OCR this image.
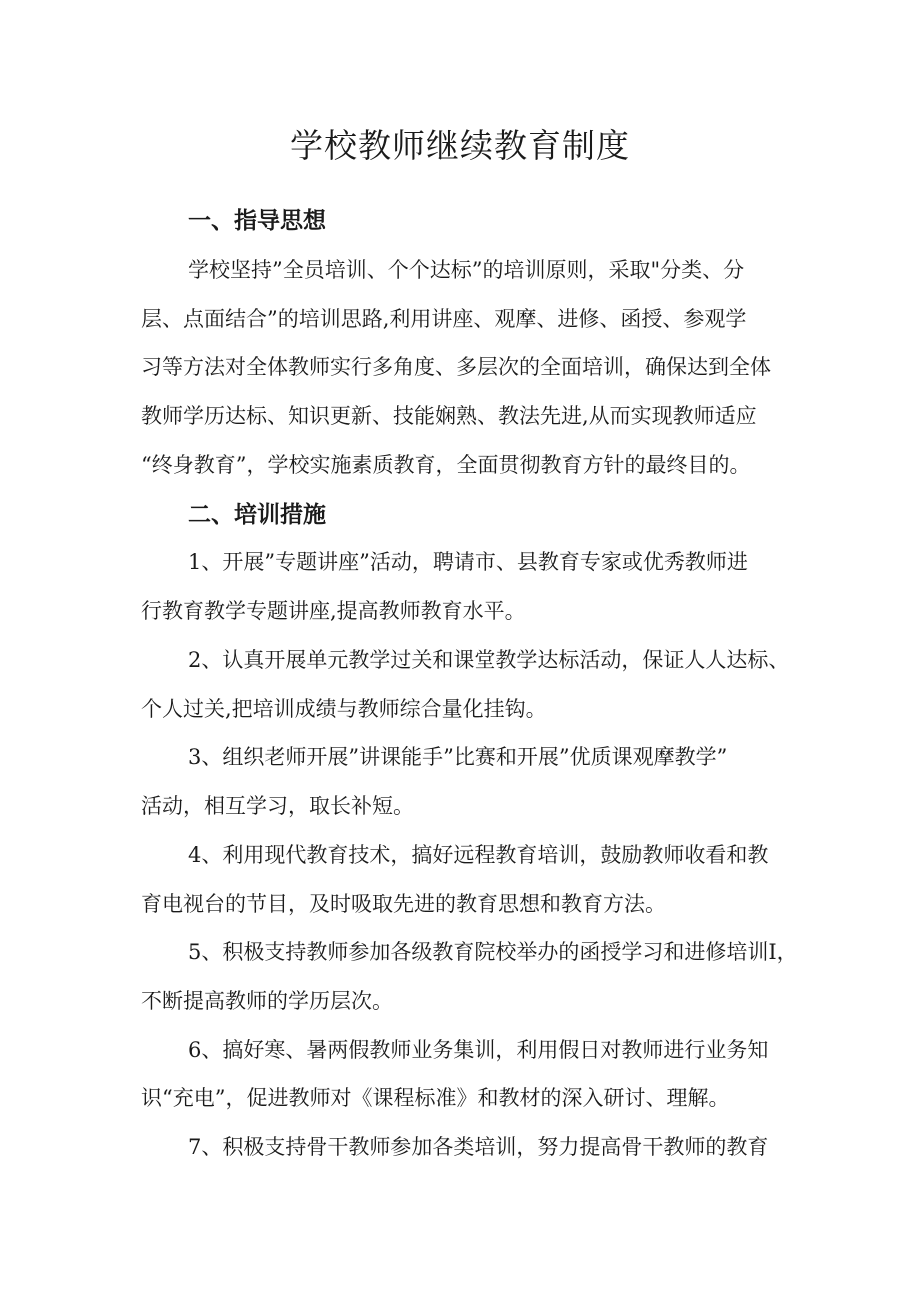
学校教师继续教育制度
一、指导思想

学校坚持”全员培训、个个达标”的培训原则，采取"分类、分

层、点面结合”的培训思路,利用讲座、观摩、进修、函授、参观学

习等方法对全体教师实行多角度、多层次的全面培训，确保达到全体

教师学历达标、知识更新、技能娴熟、教法先进,从而实现教师适应

“终身教育”，学校实施素质教育，全面贯彻教育方针的最终目的。

二、培训措施

1、开展”专题讲座”活动，聘请市、县教育专家或优秀教师进

行教育教学专题讲座,提高教师教育水平。

2、认真开展单元教学过关和课堂教学达标活动，保证人人达标、

个人过关,把培训成绩与教师综合量化挂钩。

3、组织老师开展”讲课能手”比赛和开展”优质课观摩教学”

活动，相互学习，取长补短。

4、利用现代教育技术，搞好远程教育培训，鼓励教师收看和教

育电视台的节目，及时吸取先进的教育思想和教育方法。

5、积极支持教师参加各级教育院校举办的函授学习和进修培训I，

不断提高教师的学历层次。

6、搞好寒、暑两假教师业务集训，利用假日对教师进行业务知

识“充电”，促进教师对《课程标准》和教材的深入研讨、理解。

7、积极支持骨干教师参加各类培训，努力提高骨干教师的教育
